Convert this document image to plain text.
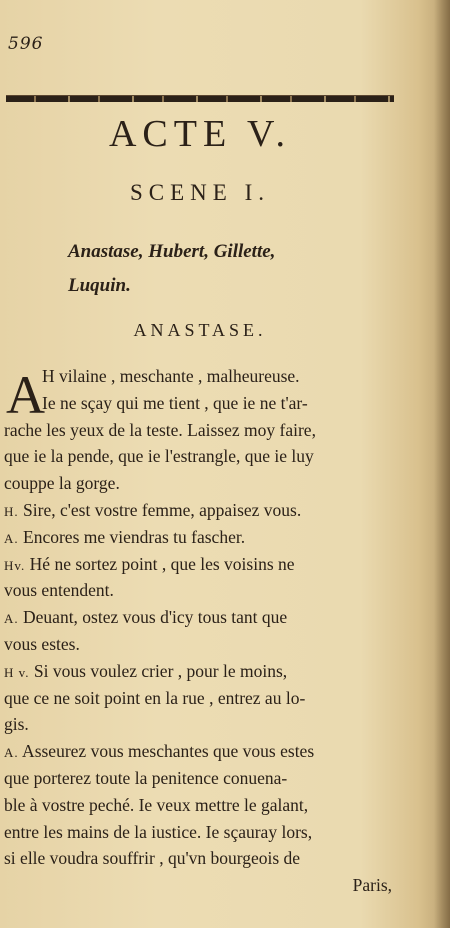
596
ACTE V.
SCENE I.
Anastase, Hubert, Gillette,
Luquin.
ANASTASE.
A
H vilaine , meschante , malheureuse.
Ie ne sçay qui me tient , que ie ne t'ar-
rache les yeux de la teste. Laissez moy faire,
que ie la pende, que ie l'estrangle, que ie luy
couppe la gorge.
H. Sire, c'est vostre femme, appaisez vous.
A. Encores me viendras tu fascher.
Hv. Hé ne sortez point , que les voisins ne
vous entendent.
A. Deuant, ostez vous d'icy tous tant que
vous estes.
H v. Si vous voulez crier , pour le moins,
que ce ne soit point en la rue , entrez au lo-
gis.
A. Asseurez vous meschantes que vous estes
que porterez toute la penitence conuena-
ble à vostre peché. Ie veux mettre le galant,
entre les mains de la iustice. Ie sçauray lors,
si elle voudra souffrir , qu'vn bourgeois de
Paris,
